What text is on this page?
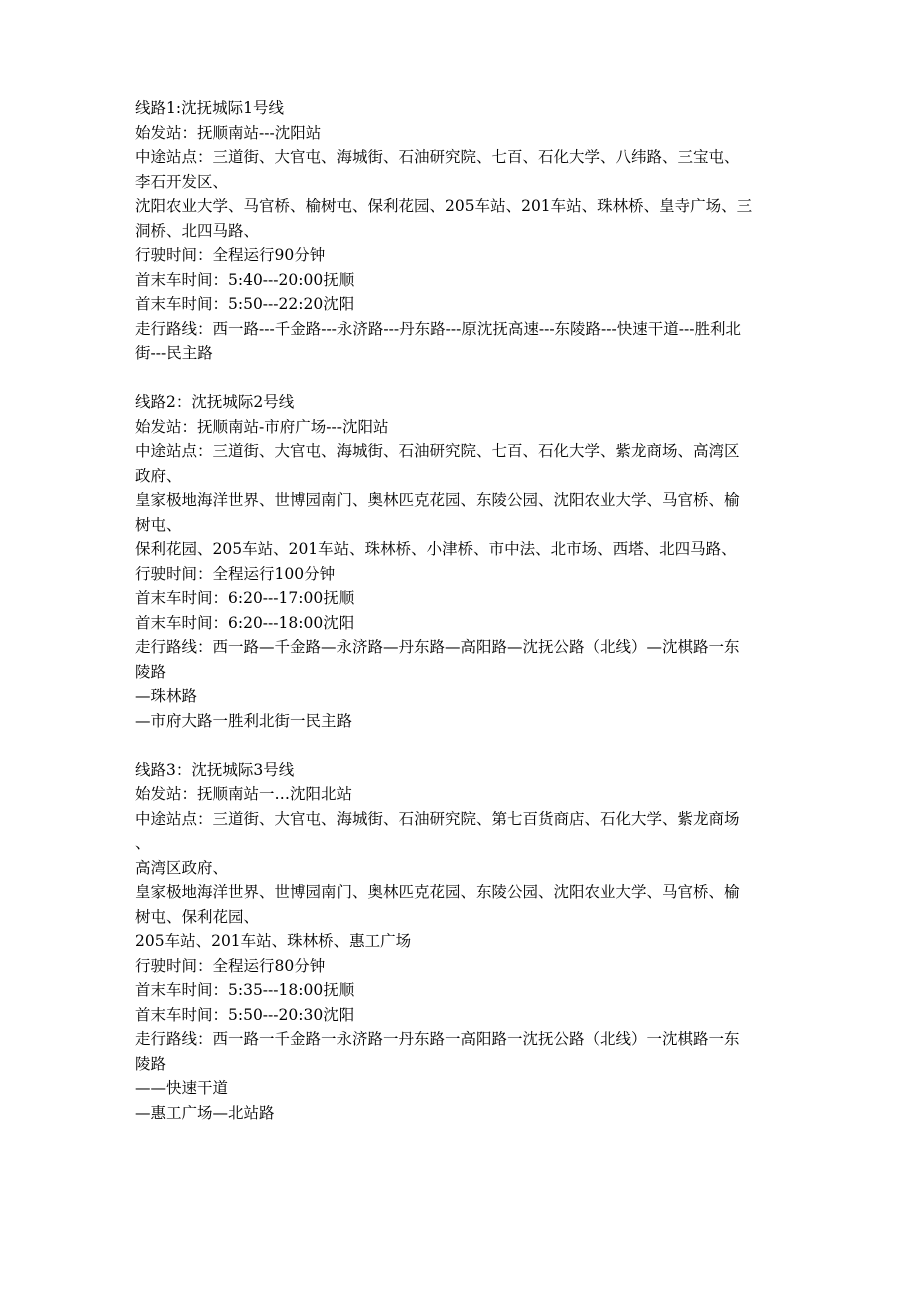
线路1:沈抚城际1号线
始发站：抚顺南站---沈阳站
中途站点：三道街、大官屯、海城街、石油研究院、七百、石化大学、八纬路、三宝屯、
李石开发区、
沈阳农业大学、马官桥、榆树屯、保利花园、205车站、201车站、珠林桥、皇寺广场、三
洞桥、北四马路、
行驶时间：全程运行90分钟
首末车时间：5:40---20:00抚顺
首末车时间：5:50---22:20沈阳
走行路线：西一路---千金路---永济路---丹东路---原沈抚高速---东陵路---快速干道---胜利北
街---民主路
线路2：沈抚城际2号线
始发站：抚顺南站-市府广场---沈阳站
中途站点：三道街、大官屯、海城街、石油研究院、七百、石化大学、紫龙商场、高湾区
政府、
皇家极地海洋世界、世博园南门、奥林匹克花园、东陵公园、沈阳农业大学、马官桥、榆
树屯、
保利花园、205车站、201车站、珠林桥、小津桥、市中法、北市场、西塔、北四马路、
行驶时间：全程运行100分钟
首末车时间：6:20---17:00抚顺
首末车时间：6:20---18:00沈阳
走行路线：西一路—千金路—永济路—丹东路—高阳路—沈抚公路（北线）—沈棋路一东
陵路
—珠林路
—市府大路一胜利北街一民主路
线路3：沈抚城际3号线
始发站：抚顺南站一…沈阳北站
中途站点：三道街、大官屯、海城街、石油研究院、第七百货商店、石化大学、紫龙商场
、
高湾区政府、
皇家极地海洋世界、世博园南门、奥林匹克花园、东陵公园、沈阳农业大学、马官桥、榆
树屯、保利花园、
205车站、201车站、珠林桥、惠工广场
行驶时间：全程运行80分钟
首末车时间：5:35---18:00抚顺
首末车时间：5:50---20:30沈阳
走行路线：西一路一千金路一永济路一丹东路一高阳路一沈抚公路（北线）一沈棋路一东
陵路
——快速干道
—惠工广场—北站路
